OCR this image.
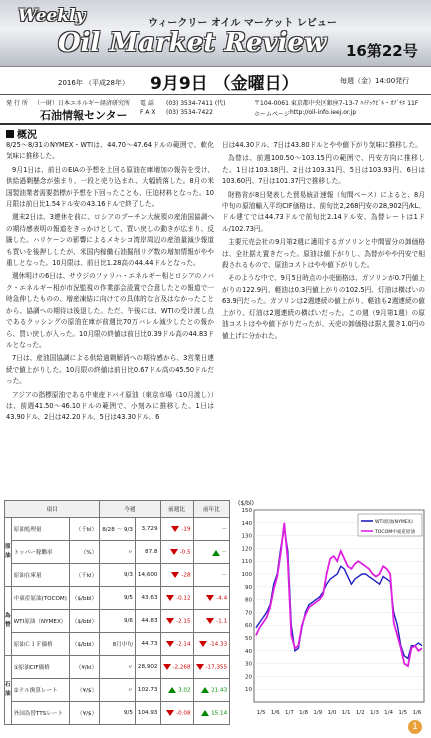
Weekly	ウィークリー オイル マーケット レビュー
Oil Market Review 16第22号
2016年 （平成28年） 9月9日 （金曜日）	毎週（金）14:00発行
発 行 所 （一財）日本エネルギー経済研究所
石油情報センター
電 話 (03) 3534-7411 (代)
F A X (03) 3534-7422
〒104-0061 東京都中央区銀座7-13-7 ﾊｲﾃｯｸﾋﾞﾙ・ｵﾌﾞﾁｴ 11F
ホームページ http://oil-info.ieej.or.jp
概況

8/25～8/31のNYMEX・WTIは、44.70～47.64ドルの範囲で、軟化気味に推移した。

9月1日は、前日のEIAの予想を上回る原油在庫増加の報告を受け、供給過剰懸念が強まり、一段と売り込まれ、大幅続落した。8月の米国製油業者需要指標が予想を下回ったことも、圧迫材料となった。10月限は前日比1.54ドル安の43.16ドルで終了した。

週末2日は、3連休を前に、ロシアのプーチン大統領の産油国協調への期待感表明の報道をきっかけとして、買い戻しの動きが広まり、反騰した。ハリケーンの影響によるメキシコ湾岸周辺の産油量減少報道も買いを後押ししたが、米国内稼働石油掘削リグ数の増加情報がやや重しとなった。10月限は、前日比1.28高の44.44ドルとなった。

週休明けの6日は、サウジのファリハ・エネルギー相とロシアのノバク・エネルギー相が市況監視の作業部会設置で合意したとの報道で一時急伸したものの、増産凍結に向けての具体的な言及はなかったことから、協調への期待は後退した。ただ、午後には、WTIの受け渡し点であるクッシングの原油在庫が前週比70万バレル減少したとの報から、買い戻しが入った。10月限の終値は前日比0.39ドル高の44.83ドルとなった。

7日は、産油国協調による供給過剰解消への期待感から、3営業日連続で値上がりした。10月限の終値は前日比0.67ドル高の45.50ドルだった。

アジアの指標原油である中東産ドバイ原油（東京市場（10月渡し））は、前週41.50～46.10ドルの範囲で、小刻みに推移した。1日は43.90ドル、2日は42.20ドル、5日は43.30ドル、6

日は44.30ドル、7日は43.80ドルとやや値下がり気味に推移した。

為替は、前週100.50～103.15円の範囲で、円安方向に推移した。1日は103.18円、2日は103.31円、5日は103.93円、6日は103.60円、7日は101.37円で推移した。

財務省が8日発表した貿易統計速報（旬間ベース）によると、8月中旬の原油輸入平均CIF価格は、前旬比2,268円安の28,902円/kL、ドル建てでは44.73ドルで前旬比2.14ドル安、為替レートは1ドル/102.73円。

主要元売会社の9月第2週に適用するガソリンと中間留分の卸価格は、全社据え置きだった。原油は値下がりし、為替がやや円安で相殺されるもので、原油コストはやや値下がりした。

そのような中で、9月5日時点の小売価格は、ガソリンが0.7円値上がりの122.9円、軽油は0.3円値上がりの102.5円、灯油は横ばいの63.9円だった。ガソリンは2週連続の値上がり、軽油も2週連続の値上がり、灯油は2週連続の横ばいだった。この週（9月第1週）の原油コストはやや値下がりだったが、天売の卸価格は据え置き1.0円の値上げに分かれた。

項目			今週		前週比	前年比
原油	原油処理量	（千kl）	8/28 ～ 9/3	3,729	-19	－
	トッパー稼働率	（%）	〃	87.8	-0.5	－
	原油在庫量	（千kl）	9/3	14,600	-28	－
為替	中東産原油(TOCOM)	（$/bbl）	9/5	43.63	-0.12	-4.4
	WTI原油（NYMEX）	（$/bbl）	9/6	44.83	-2.15	-1.1
	原油ＣＩＦ価格	（$/bbl）	8月中旬	44.73	-2.14	-14.33
石油	①原油CIF価格	（¥/kl）	〃	28,902	-2,268	-17,355
	②ドル換算レート	（¥/$）	〃	102.73	3.02	21.43
	外国為替TTSレート	（¥/$）	9/5	104.93	-0.08	15.14
($/bl)
10
20
30
40
50
60
70
80
90
100
110
120
130
140
150
1/5 1/6 1/7 1/8 1/9 1/0 1/1 1/2 1/3 1/4 1/5 1/6
WTI原油(NYMEX)
TOCOM中東産原油
1
